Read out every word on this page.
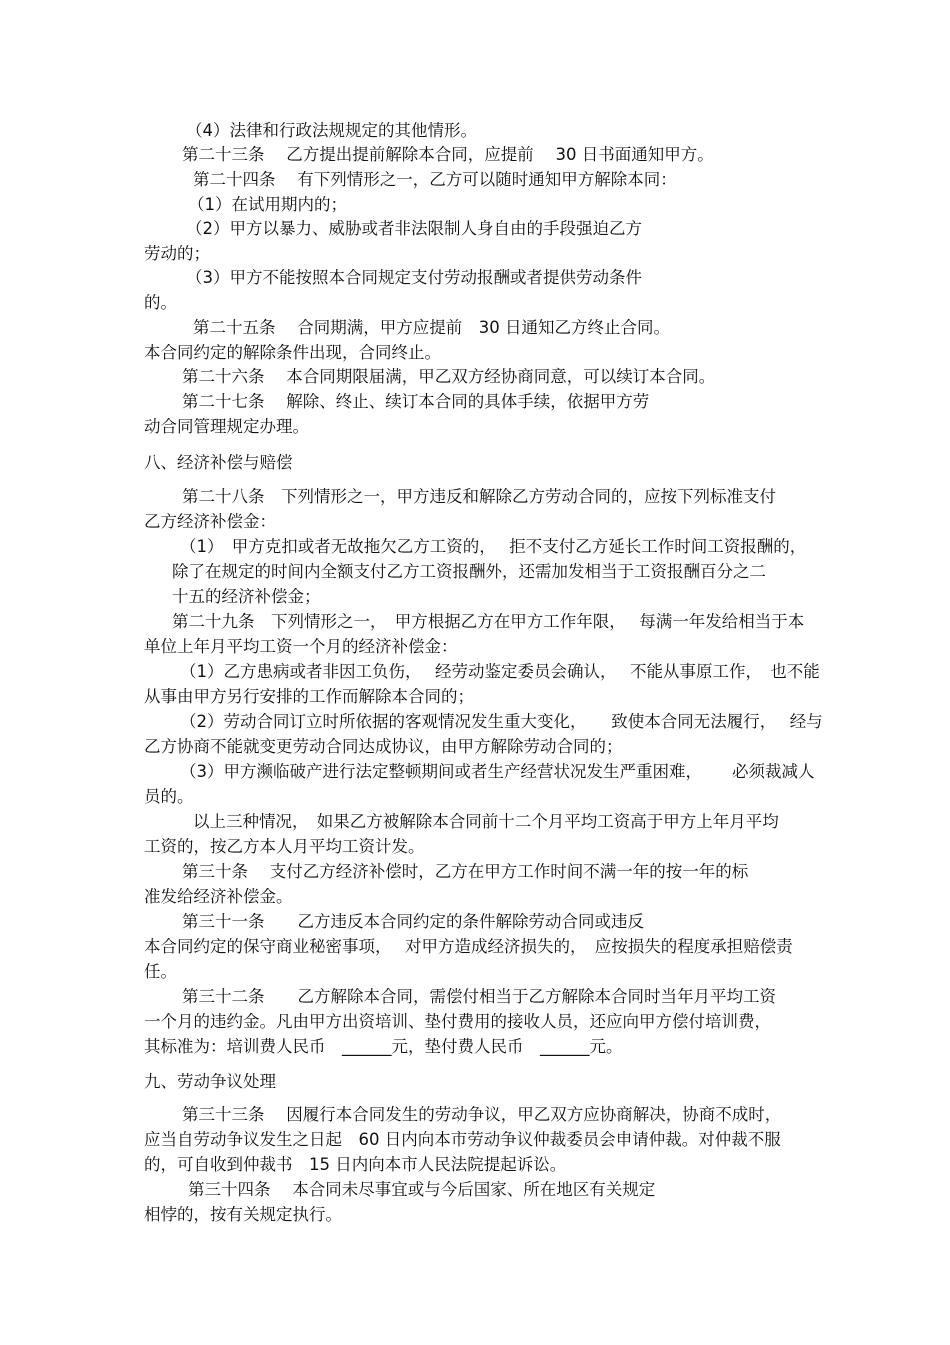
（4）法律和行政法规规定的其他情形。

第二十三条　 乙方提出提前解除本合同，应提前　 30 日书面通知甲方。

第二十四条　 有下列情形之一，乙方可以随时通知甲方解除本同：

（1）在试用期内的；

（2）甲方以暴力、威胁或者非法限制人身自由的手段强迫乙方

劳动的；

（3）甲方不能按照本合同规定支付劳动报酬或者提供劳动条件

的。

第二十五条　 合同期满，甲方应提前　30 日通知乙方终止合同。

本合同约定的解除条件出现，合同终止。

第二十六条　 本合同期限届满，甲乙双方经协商同意，可以续订本合同。

第二十七条　 解除、终止、续订本合同的具体手续，依据甲方劳

动合同管理规定办理。

八、经济补偿与赔偿

第二十八条　下列情形之一，甲方违反和解除乙方劳动合同的，应按下列标准支付

乙方经济补偿金：

（1）　甲方克扣或者无故拖欠乙方工资的，　 拒不支付乙方延长工作时间工资报酬的，

除了在规定的时间内全额支付乙方工资报酬外，还需加发相当于工资报酬百分之二

十五的经济补偿金；

第二十九条　下列情形之一，　甲方根据乙方在甲方工作年限，　 每满一年发给相当于本

单位上年月平均工资一个月的经济补偿金：

（1）乙方患病或者非因工负伤，　 经劳动鉴定委员会确认，　 不能从事原工作，　也不能

从事由甲方另行安排的工作而解除本合同的；

（2）劳动合同订立时所依据的客观情况发生重大变化，　　致使本合同无法履行，　 经与

乙方协商不能就变更劳动合同达成协议，由甲方解除劳动合同的；

（3）甲方濒临破产进行法定整顿期间或者生产经营状况发生严重困难，　　 必须裁减人

员的。

以上三种情况，　如果乙方被解除本合同前十二个月平均工资高于甲方上年月平均

工资的，按乙方本人月平均工资计发。

第三十条　 支付乙方经济补偿时，乙方在甲方工作时间不满一年的按一年的标

准发给经济补偿金。

第三十一条　　乙方违反本合同约定的条件解除劳动合同或违反

本合同约定的保守商业秘密事项，　 对甲方造成经济损失的，　应按损失的程度承担赔偿责

任。

第三十二条　　乙方解除本合同，需偿付相当于乙方解除本合同时当年月平均工资

一个月的违约金。凡由甲方出资培训、垫付费用的接收人员，还应向甲方偿付培训费，

其标准为：培训费人民币　______元，垫付费人民币　______元。

九、劳动争议处理

第三十三条　 因履行本合同发生的劳动争议，甲乙双方应协商解决，协商不成时，

应当自劳动争议发生之日起　60 日内向本市劳动争议仲裁委员会申请仲裁。对仲裁不服

的，可自收到仲裁书　15 日内向本市人民法院提起诉讼。

第三十四条　 本合同未尽事宜或与今后国家、所在地区有关规定

相悖的，按有关规定执行。
